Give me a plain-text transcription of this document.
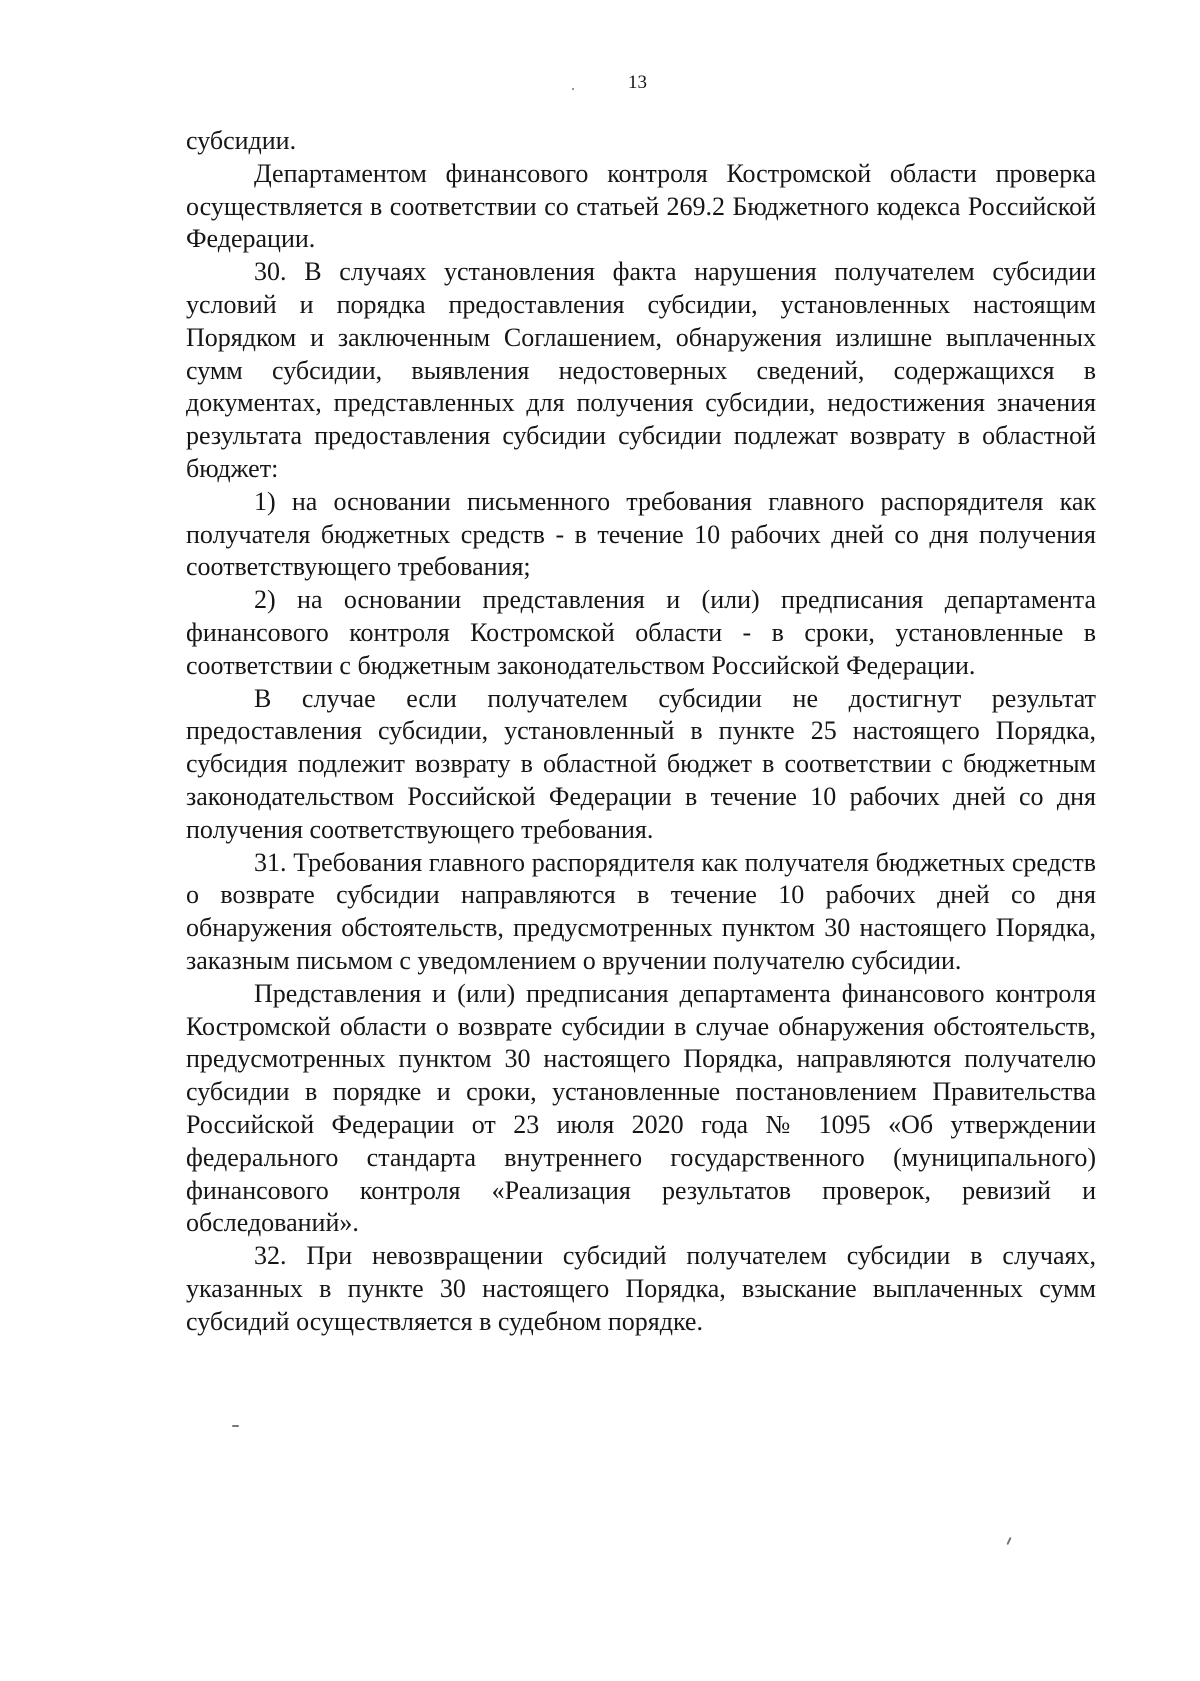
13

субсидии.

Департаментом финансового контроля Костромской области проверка осуществляется в соответствии со статьей 269.2 Бюджетного кодекса Российской Федерации.

30. В случаях установления факта нарушения получателем субсидии условий и порядка предоставления субсидии, установленных настоящим Порядком и заключенным Соглашением, обнаружения излишне выплаченных сумм субсидии, выявления недостоверных сведений, содержащихся в документах, представленных для получения субсидии, недостижения значения результата предоставления субсидии субсидии подлежат возврату в областной бюджет:

1) на основании письменного требования главного распорядителя как получателя бюджетных средств - в течение 10 рабочих дней со дня получения соответствующего требования;

2) на основании представления и (или) предписания департамента финансового контроля Костромской области - в сроки, установленные в соответствии с бюджетным законодательством Российской Федерации.

В случае если получателем субсидии не достигнут результат предоставления субсидии, установленный в пункте 25 настоящего Порядка, субсидия подлежит возврату в областной бюджет в соответствии с бюджетным законодательством Российской Федерации в течение 10 рабочих дней со дня получения соответствующего требования.

31. Требования главного распорядителя как получателя бюджетных средств о возврате субсидии направляются в течение 10 рабочих дней со дня обнаружения обстоятельств, предусмотренных пунктом 30 настоящего Порядка, заказным письмом с уведомлением о вручении получателю субсидии.

Представления и (или) предписания департамента финансового контроля Костромской области о возврате субсидии в случае обнаружения обстоятельств, предусмотренных пунктом 30 настоящего Порядка, направляются получателю субсидии в порядке и сроки, установленные постановлением Правительства Российской Федерации от 23 июля 2020 года № 1095 «Об утверждении федерального стандарта внутреннего государственного (муниципального) финансового контроля «Реализация результатов проверок, ревизий и обследований».

32. При невозвращении субсидий получателем субсидии в случаях, указанных в пункте 30 настоящего Порядка, взыскание выплаченных сумм субсидий осуществляется в судебном порядке.
